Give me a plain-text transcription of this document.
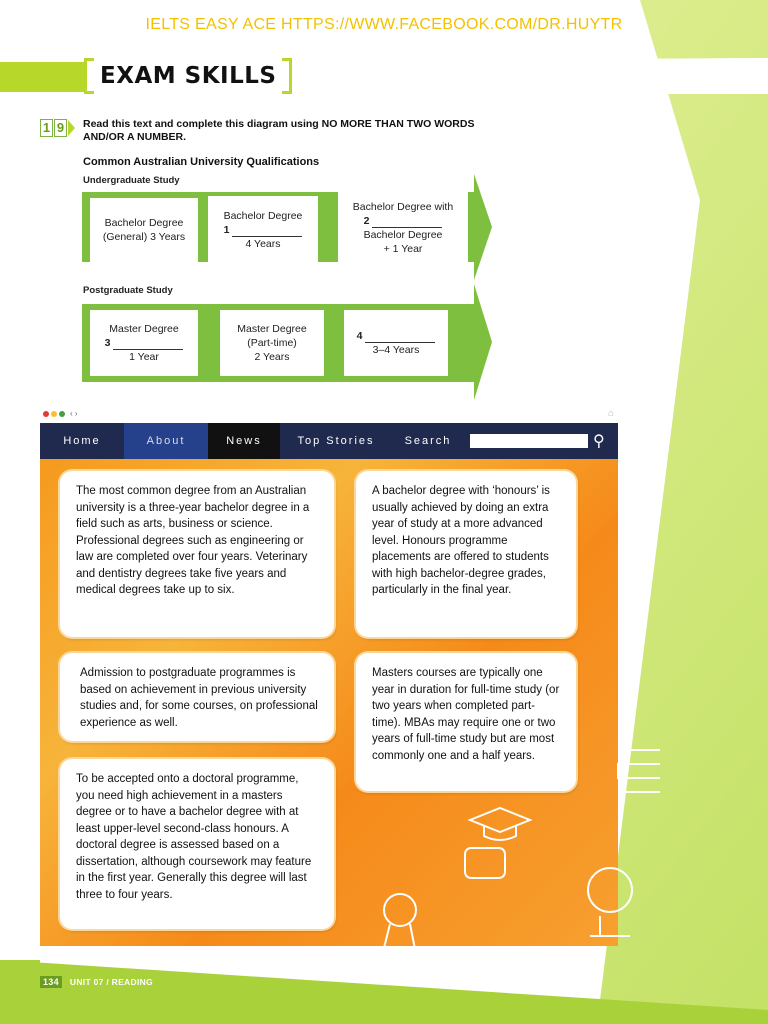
IELTS EASY ACE HTTPS://WWW.FACEBOOK.COM/DR.HUYTR
EXAM SKILLS
1 9 Read this text and complete this diagram using NO MORE THAN TWO WORDS AND/OR A NUMBER.
Common Australian University Qualifications
Undergraduate Study
Bachelor Degree
(General) 3 Years
Bachelor Degree
1
4 Years
Bachelor Degree with
2
Bachelor Degree
+ 1 Year
Postgraduate Study
Master Degree
3
1 Year
Master Degree
(Part-time)
2 Years
4
3–4 Years
‹ ›	⌂
Home	About	News	Top Stories	Search	⚲
The most common degree from an Australian university is a three-year bachelor degree in a field such as arts, business or science. Professional degrees such as engineering or law are completed over four years. Veterinary and dentistry degrees take five years and medical degrees take up to six.
A bachelor degree with ‘honours’ is usually achieved by doing an extra year of study at a more advanced level. Honours programme placements are offered to students with high bachelor-degree grades, particularly in the final year.
Admission to postgraduate programmes is based on achievement in previous university studies and, for some courses, on professional experience as well.
Masters courses are typically one year in duration for full-time study (or two years when completed part-time). MBAs may require one or two years of full-time study but are most commonly one and a half years.
To be accepted onto a doctoral programme, you need high achievement in a masters degree or to have a bachelor degree with at least upper-level second-class honours. A doctoral degree is assessed based on a dissertation, although coursework may feature in the first year. Generally this degree will last three to four years.
134	UNIT 07 / READING
